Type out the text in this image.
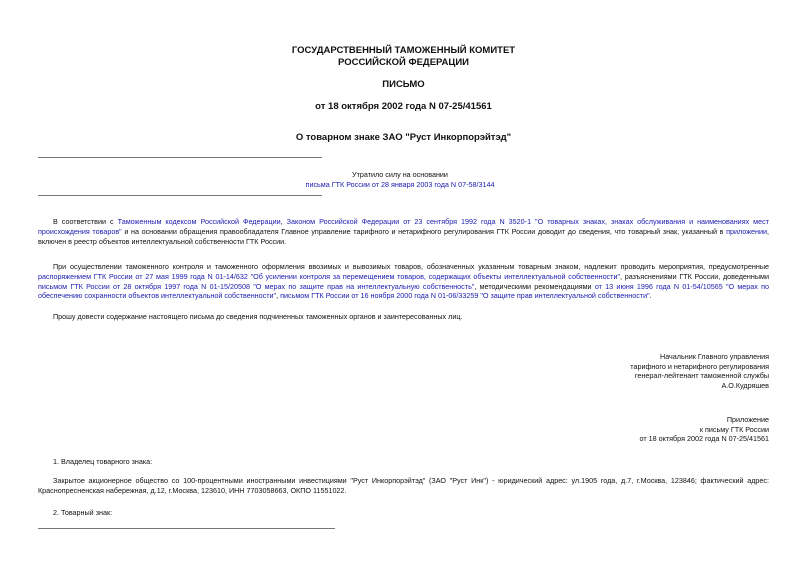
ГОСУДАРСТВЕННЫЙ ТАМОЖЕННЫЙ КОМИТЕТ
РОССИЙСКОЙ ФЕДЕРАЦИИ
ПИСЬМО
от 18 октября 2002 года N 07-25/41561
О товарном знаке ЗАО "Руст Инкорпорэйтэд"
Утратило силу на основании
письма ГТК России от 28 января 2003 года N 07-58/3144
В соответствии с Таможенным кодексом Российской Федерации, Законом Российской Федерации от 23 сентября 1992 года N 3520-1 "О товарных знаках, знаках обслуживания и наименованиях мест происхождения товаров" и на основании обращения правообладателя Главное управление тарифного и нетарифного регулирования ГТК России доводит до сведения, что товарный знак, указанный в приложении, включен в реестр объектов интеллектуальной собственности ГТК России.
При осуществлении таможенного контроля и таможенного оформления ввозимых и вывозимых товаров, обозначенных указанным товарным знаком, надлежит проводить мероприятия, предусмотренные распоряжением ГТК России от 27 мая 1999 года N 01-14/632 "Об усилении контроля за перемещением товаров, содержащих объекты интеллектуальной собственности", разъяснениями ГТК России, доведенными письмом ГТК России от 28 октября 1997 года N 01-15/20508 "О мерах по защите прав на интеллектуальную собственность", методическими рекомендациями от 13 июня 1996 года N 01-54/10565 "О мерах по обеспечению сохранности объектов интеллектуальной собственности", письмом ГТК России от 16 ноября 2000 года N 01-06/33259 "О защите прав интеллектуальной собственности".
Прошу довести содержание настоящего письма до сведения подчиненных таможенных органов и заинтересованных лиц.
Начальник Главного управления
тарифного и нетарифного регулирования
генерал-лейтенант таможенной службы
А.О.Кудряшев
Приложение
к письму ГТК России
от 18 октября 2002 года N 07-25/41561
1. Владелец товарного знака:
Закрытое акционерное общество со 100-процентными иностранными инвестициями "Руст Инкорпорэйтэд" (ЗАО "Руст Инк") - юридический адрес: ул.1905 года, д.7, г.Москва, 123846; фактический адрес: Краснопресненская набережная, д.12, г.Москва, 123610, ИНН 7703058663, ОКПО 11551022.
2. Товарный знак:
